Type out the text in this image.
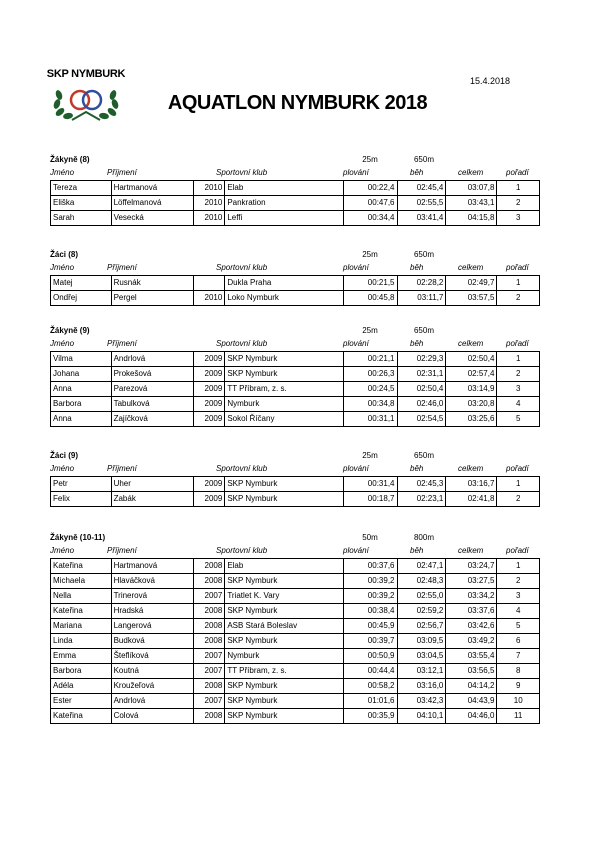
SKP NYMBURK
15.4.2018
AQUATLON NYMBURK 2018
Žákyně (8)	25m	650m
Jméno	Příjmení	Sportovní klub	plování	běh	celkem	pořadí
Tereza	Hartmanová	2010	Elab	00:22,4	02:45,4	03:07,8	1
Eliška	Löffelmanová	2010	Pankration	00:47,6	02:55,5	03:43,1	2
Sarah	Vesecká	2010	Leffi	00:34,4	03:41,4	04:15,8	3
Žáci (8)	25m	650m
Jméno	Příjmení	Sportovní klub	plování	běh	celkem	pořadí
Matej	Rusnák		Dukla Praha	00:21,5	02:28,2	02:49,7	1
Ondřej	Pergel	2010	Loko Nymburk	00:45,8	03:11,7	03:57,5	2
Žákyně (9)	25m	650m
Jméno	Příjmení	Sportovní klub	plování	běh	celkem	pořadí
Vilma	Andrlová	2009	SKP Nymburk	00:21,1	02:29,3	02:50,4	1
Johana	Prokešová	2009	SKP Nymburk	00:26,3	02:31,1	02:57,4	2
Anna	Parezová	2009	TT Příbram, z. s.	00:24,5	02:50,4	03:14,9	3
Barbora	Tabulková	2009	Nymburk	00:34,8	02:46,0	03:20,8	4
Anna	Zajíčková	2009	Sokol Říčany	00:31,1	02:54,5	03:25,6	5
Žáci (9)	25m	650m
Jméno	Příjmení	Sportovní klub	plování	běh	celkem	pořadí
Petr	Uher	2009	SKP Nymburk	00:31,4	02:45,3	03:16,7	1
Felix	Zabák	2009	SKP Nymburk	00:18,7	02:23,1	02:41,8	2
Žákyně (10-11)	50m	800m
Jméno	Příjmení	Sportovní klub	plování	běh	celkem	pořadí
Kateřina	Hartmanová	2008	Elab	00:37,6	02:47,1	03:24,7	1
Michaela	Hlaváčková	2008	SKP Nymburk	00:39,2	02:48,3	03:27,5	2
Nella	Trinerová	2007	Triatlet K. Vary	00:39,2	02:55,0	03:34,2	3
Kateřina	Hradská	2008	SKP Nymburk	00:38,4	02:59,2	03:37,6	4
Mariana	Langerová	2008	ASB Stará Boleslav	00:45,9	02:56,7	03:42,6	5
Linda	Budková	2008	SKP Nymburk	00:39,7	03:09,5	03:49,2	6
Emma	Šteflíková	2007	Nymburk	00:50,9	03:04,5	03:55,4	7
Barbora	Koutná	2007	TT Příbram, z. s.	00:44,4	03:12,1	03:56,5	8
Adéla	Kroužeľová	2008	SKP Nymburk	00:58,2	03:16,0	04:14,2	9
Ester	Andrlová	2007	SKP Nymburk	01:01,6	03:42,3	04:43,9	10
Kateřina	Colová	2008	SKP Nymburk	00:35,9	04:10,1	04:46,0	11
